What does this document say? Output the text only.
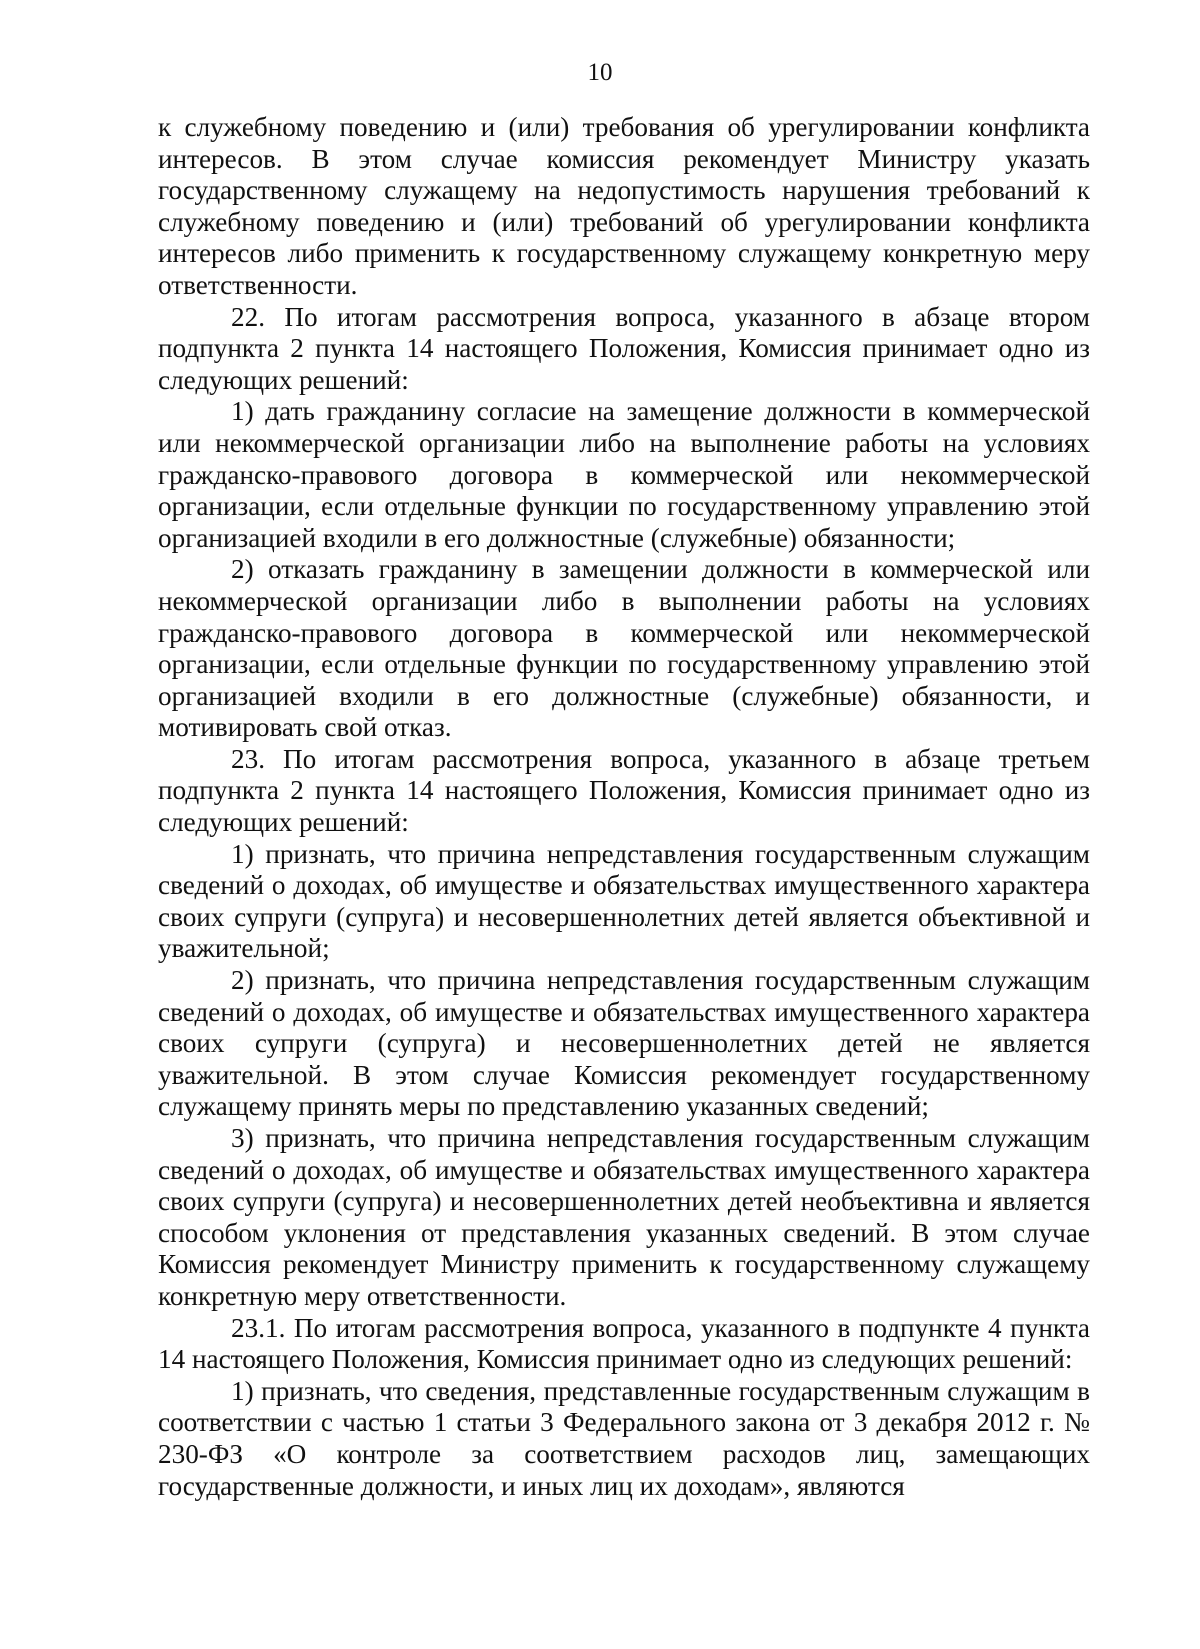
10

к служебному поведению и (или) требования об урегулировании конфликта интересов. В этом случае комиссия рекомендует Министру указать государственному служащему на недопустимость нарушения требований к служебному поведению и (или) требований об урегулировании конфликта интересов либо применить к государственному служащему конкретную меру ответственности.

22. По итогам рассмотрения вопроса, указанного в абзаце втором подпункта 2 пункта 14 настоящего Положения, Комиссия принимает одно из следующих решений:

1) дать гражданину согласие на замещение должности в коммерческой или некоммерческой организации либо на выполнение работы на условиях гражданско-правового договора в коммерческой или некоммерческой организации, если отдельные функции по государственному управлению этой организацией входили в его должностные (служебные) обязанности;

2) отказать гражданину в замещении должности в коммерческой или некоммерческой организации либо в выполнении работы на условиях гражданско-правового договора в коммерческой или некоммерческой организации, если отдельные функции по государственному управлению этой организацией входили в его должностные (служебные) обязанности, и мотивировать свой отказ.

23. По итогам рассмотрения вопроса, указанного в абзаце третьем подпункта 2 пункта 14 настоящего Положения, Комиссия принимает одно из следующих решений:

1) признать, что причина непредставления государственным служащим сведений о доходах, об имуществе и обязательствах имущественного характера своих супруги (супруга) и несовершеннолетних детей является объективной и уважительной;

2) признать, что причина непредставления государственным служащим сведений о доходах, об имуществе и обязательствах имущественного характера своих супруги (супруга) и несовершеннолетних детей не является уважительной. В этом случае Комиссия рекомендует государственному служащему принять меры по представлению указанных сведений;

3) признать, что причина непредставления государственным служащим сведений о доходах, об имуществе и обязательствах имущественного характера своих супруги (супруга) и несовершеннолетних детей необъективна и является способом уклонения от представления указанных сведений. В этом случае Комиссия рекомендует Министру применить к государственному служащему конкретную меру ответственности.

23.1. По итогам рассмотрения вопроса, указанного в подпункте 4 пункта 14 настоящего Положения, Комиссия принимает одно из следующих решений:

1) признать, что сведения, представленные государственным служащим в соответствии с частью 1 статьи 3 Федерального закона от 3 декабря 2012 г. № 230-ФЗ «О контроле за соответствием расходов лиц, замещающих государственные должности, и иных лиц их доходам», являются
